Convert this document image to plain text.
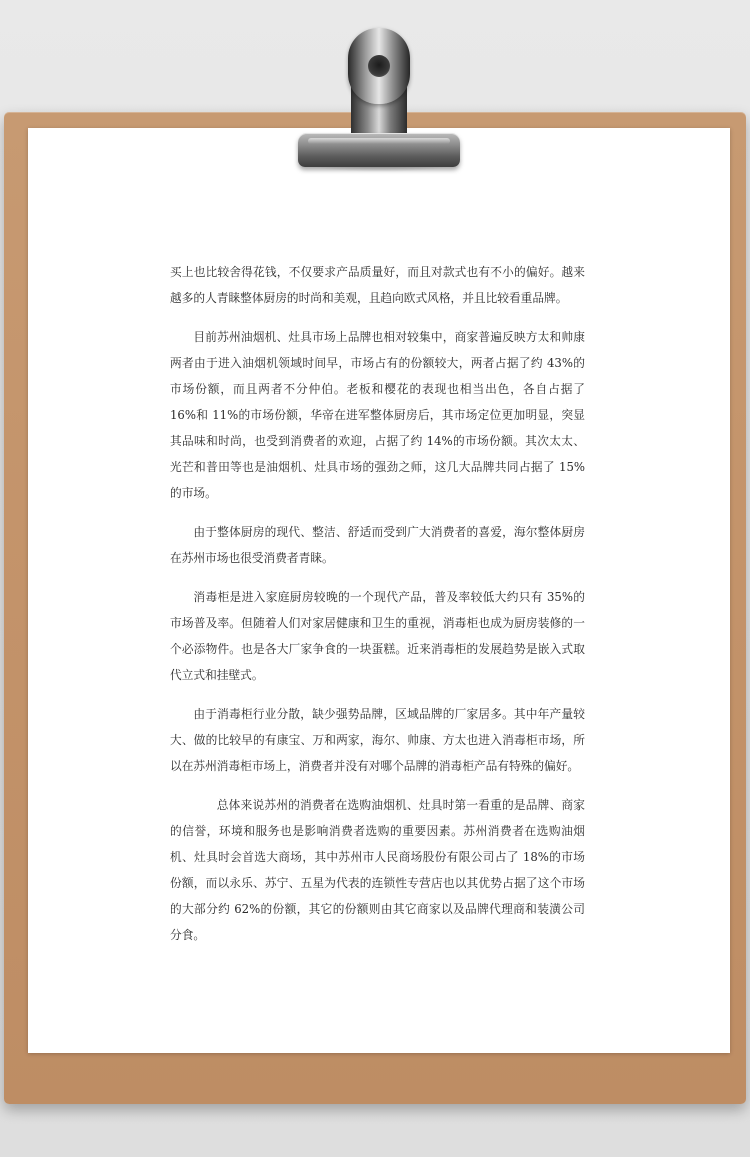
买上也比较舍得花钱，不仅要求产品质量好，而且对款式也有不小的偏好。越来越多的人青睐整体厨房的时尚和美观，且趋向欧式风格，并且比较看重品牌。

目前苏州油烟机、灶具市场上品牌也相对较集中，商家普遍反映方太和帅康两者由于进入油烟机领域时间早，市场占有的份额较大，两者占据了约 43%的市场份额，而且两者不分仲伯。老板和樱花的表现也相当出色，各自占据了 16%和 11%的市场份额，华帝在进军整体厨房后，其市场定位更加明显，突显其品味和时尚，也受到消费者的欢迎，占据了约 14%的市场份额。其次太太、光芒和普田等也是油烟机、灶具市场的强劲之师，这几大品牌共同占据了 15%的市场。

由于整体厨房的现代、整洁、舒适而受到广大消费者的喜爱，海尔整体厨房在苏州市场也很受消费者青睐。

消毒柜是进入家庭厨房较晚的一个现代产品，普及率较低大约只有 35%的市场普及率。但随着人们对家居健康和卫生的重视，消毒柜也成为厨房装修的一个必添物件。也是各大厂家争食的一块蛋糕。近来消毒柜的发展趋势是嵌入式取代立式和挂壁式。

由于消毒柜行业分散，缺少强势品牌，区域品牌的厂家居多。其中年产量较大、做的比较早的有康宝、万和两家，海尔、帅康、方太也进入消毒柜市场，所以在苏州消毒柜市场上，消费者并没有对哪个品牌的消毒柜产品有特殊的偏好。

总体来说苏州的消费者在选购油烟机、灶具时第一看重的是品牌、商家的信誉，环境和服务也是影响消费者选购的重要因素。苏州消费者在选购油烟机、灶具时会首选大商场，其中苏州市人民商场股份有限公司占了 18%的市场份额，而以永乐、苏宁、五星为代表的连锁性专营店也以其优势占据了这个市场的大部分约 62%的份额，其它的份额则由其它商家以及品牌代理商和装潢公司分食。
